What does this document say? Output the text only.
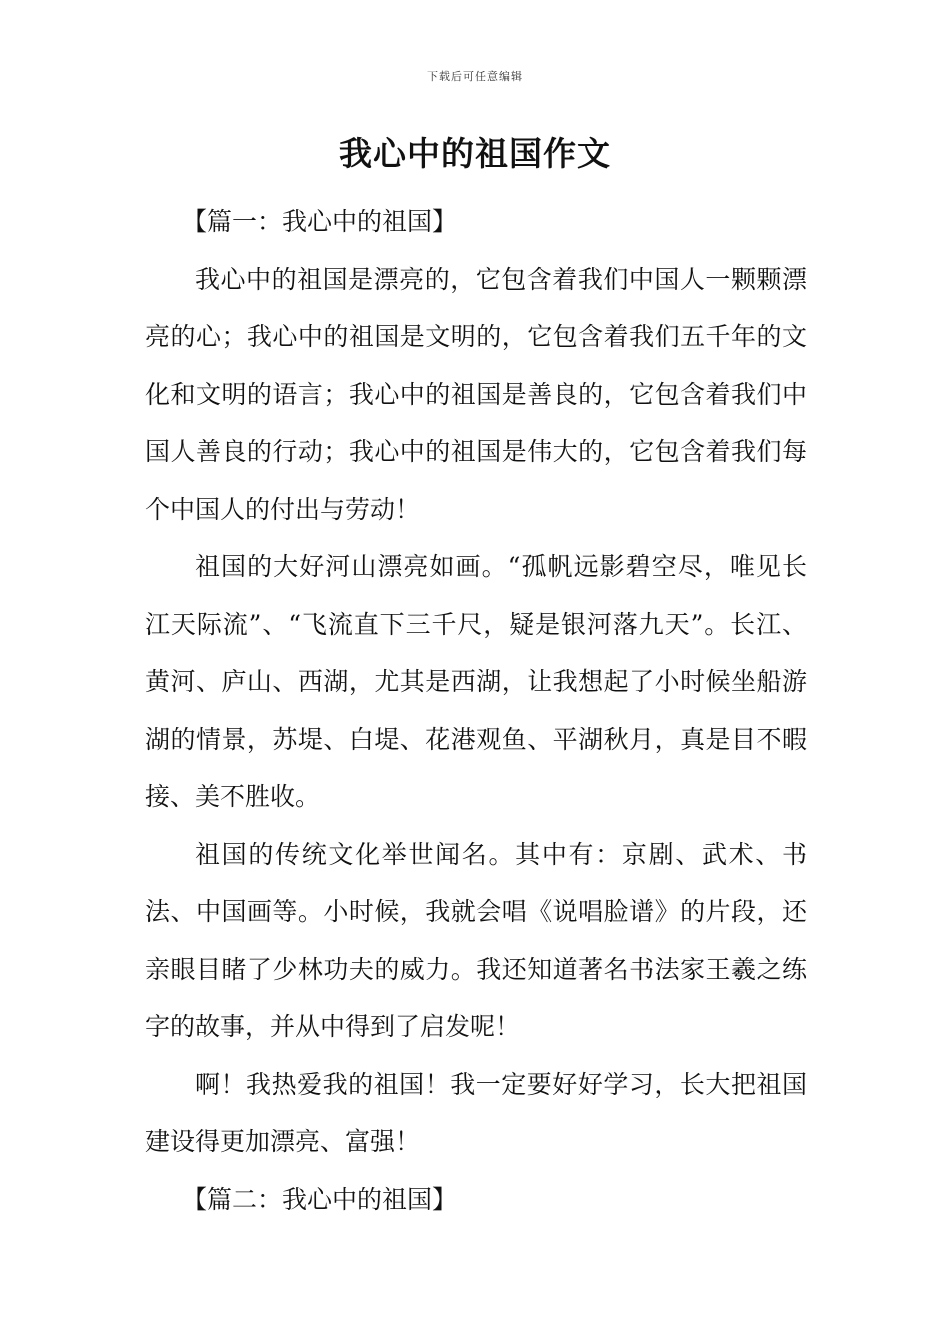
下载后可任意编辑
我心中的祖国作文

【篇一：我心中的祖国】

我心中的祖国是漂亮的，它包含着我们中国人一颗颗漂亮的心；我心中的祖国是文明的，它包含着我们五千年的文化和文明的语言；我心中的祖国是善良的，它包含着我们中国人善良的行动；我心中的祖国是伟大的，它包含着我们每个中国人的付出与劳动！

祖国的大好河山漂亮如画。“孤帆远影碧空尽，唯见长江天际流”、“飞流直下三千尺，疑是银河落九天”。长江、黄河、庐山、西湖，尤其是西湖，让我想起了小时候坐船游湖的情景，苏堤、白堤、花港观鱼、平湖秋月，真是目不暇接、美不胜收。

祖国的传统文化举世闻名。其中有：京剧、武术、书法、中国画等。小时候，我就会唱《说唱脸谱》的片段，还亲眼目睹了少林功夫的威力。我还知道著名书法家王羲之练字的故事，并从中得到了启发呢！

啊！我热爱我的祖国！我一定要好好学习，长大把祖国建设得更加漂亮、富强！

【篇二：我心中的祖国】
